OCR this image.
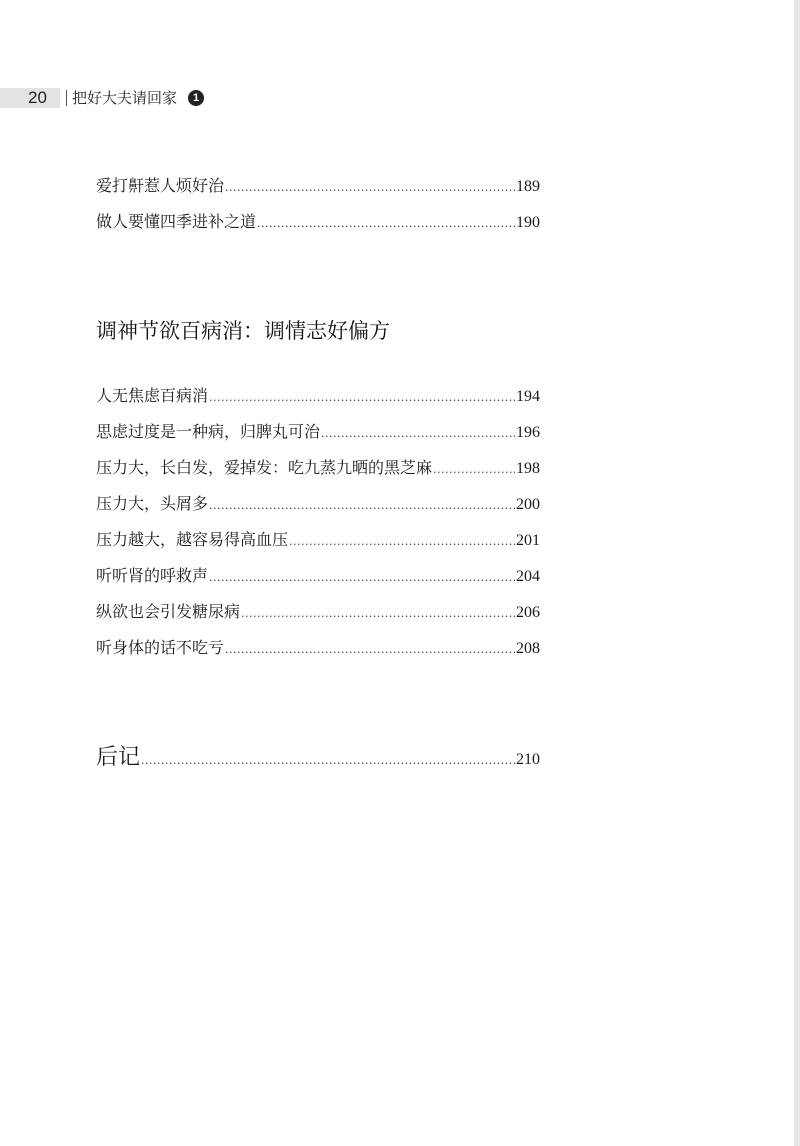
20 把好大夫请回家	1
爱打鼾惹人烦好治 .....	189
做人要懂四季进补之道 .....	190
调神节欲百病消：调情志好偏方
人无焦虑百病消 .....	194
思虑过度是一种病，归脾丸可治 .....	196
压力大，长白发，爱掉发：吃九蒸九晒的黑芝麻 .....	198
压力大，头屑多 .....	200
压力越大，越容易得高血压 .....	201
听听肾的呼救声 .....	204
纵欲也会引发糖尿病 .....	206
听身体的话不吃亏 .....	208
后记 .....	210
